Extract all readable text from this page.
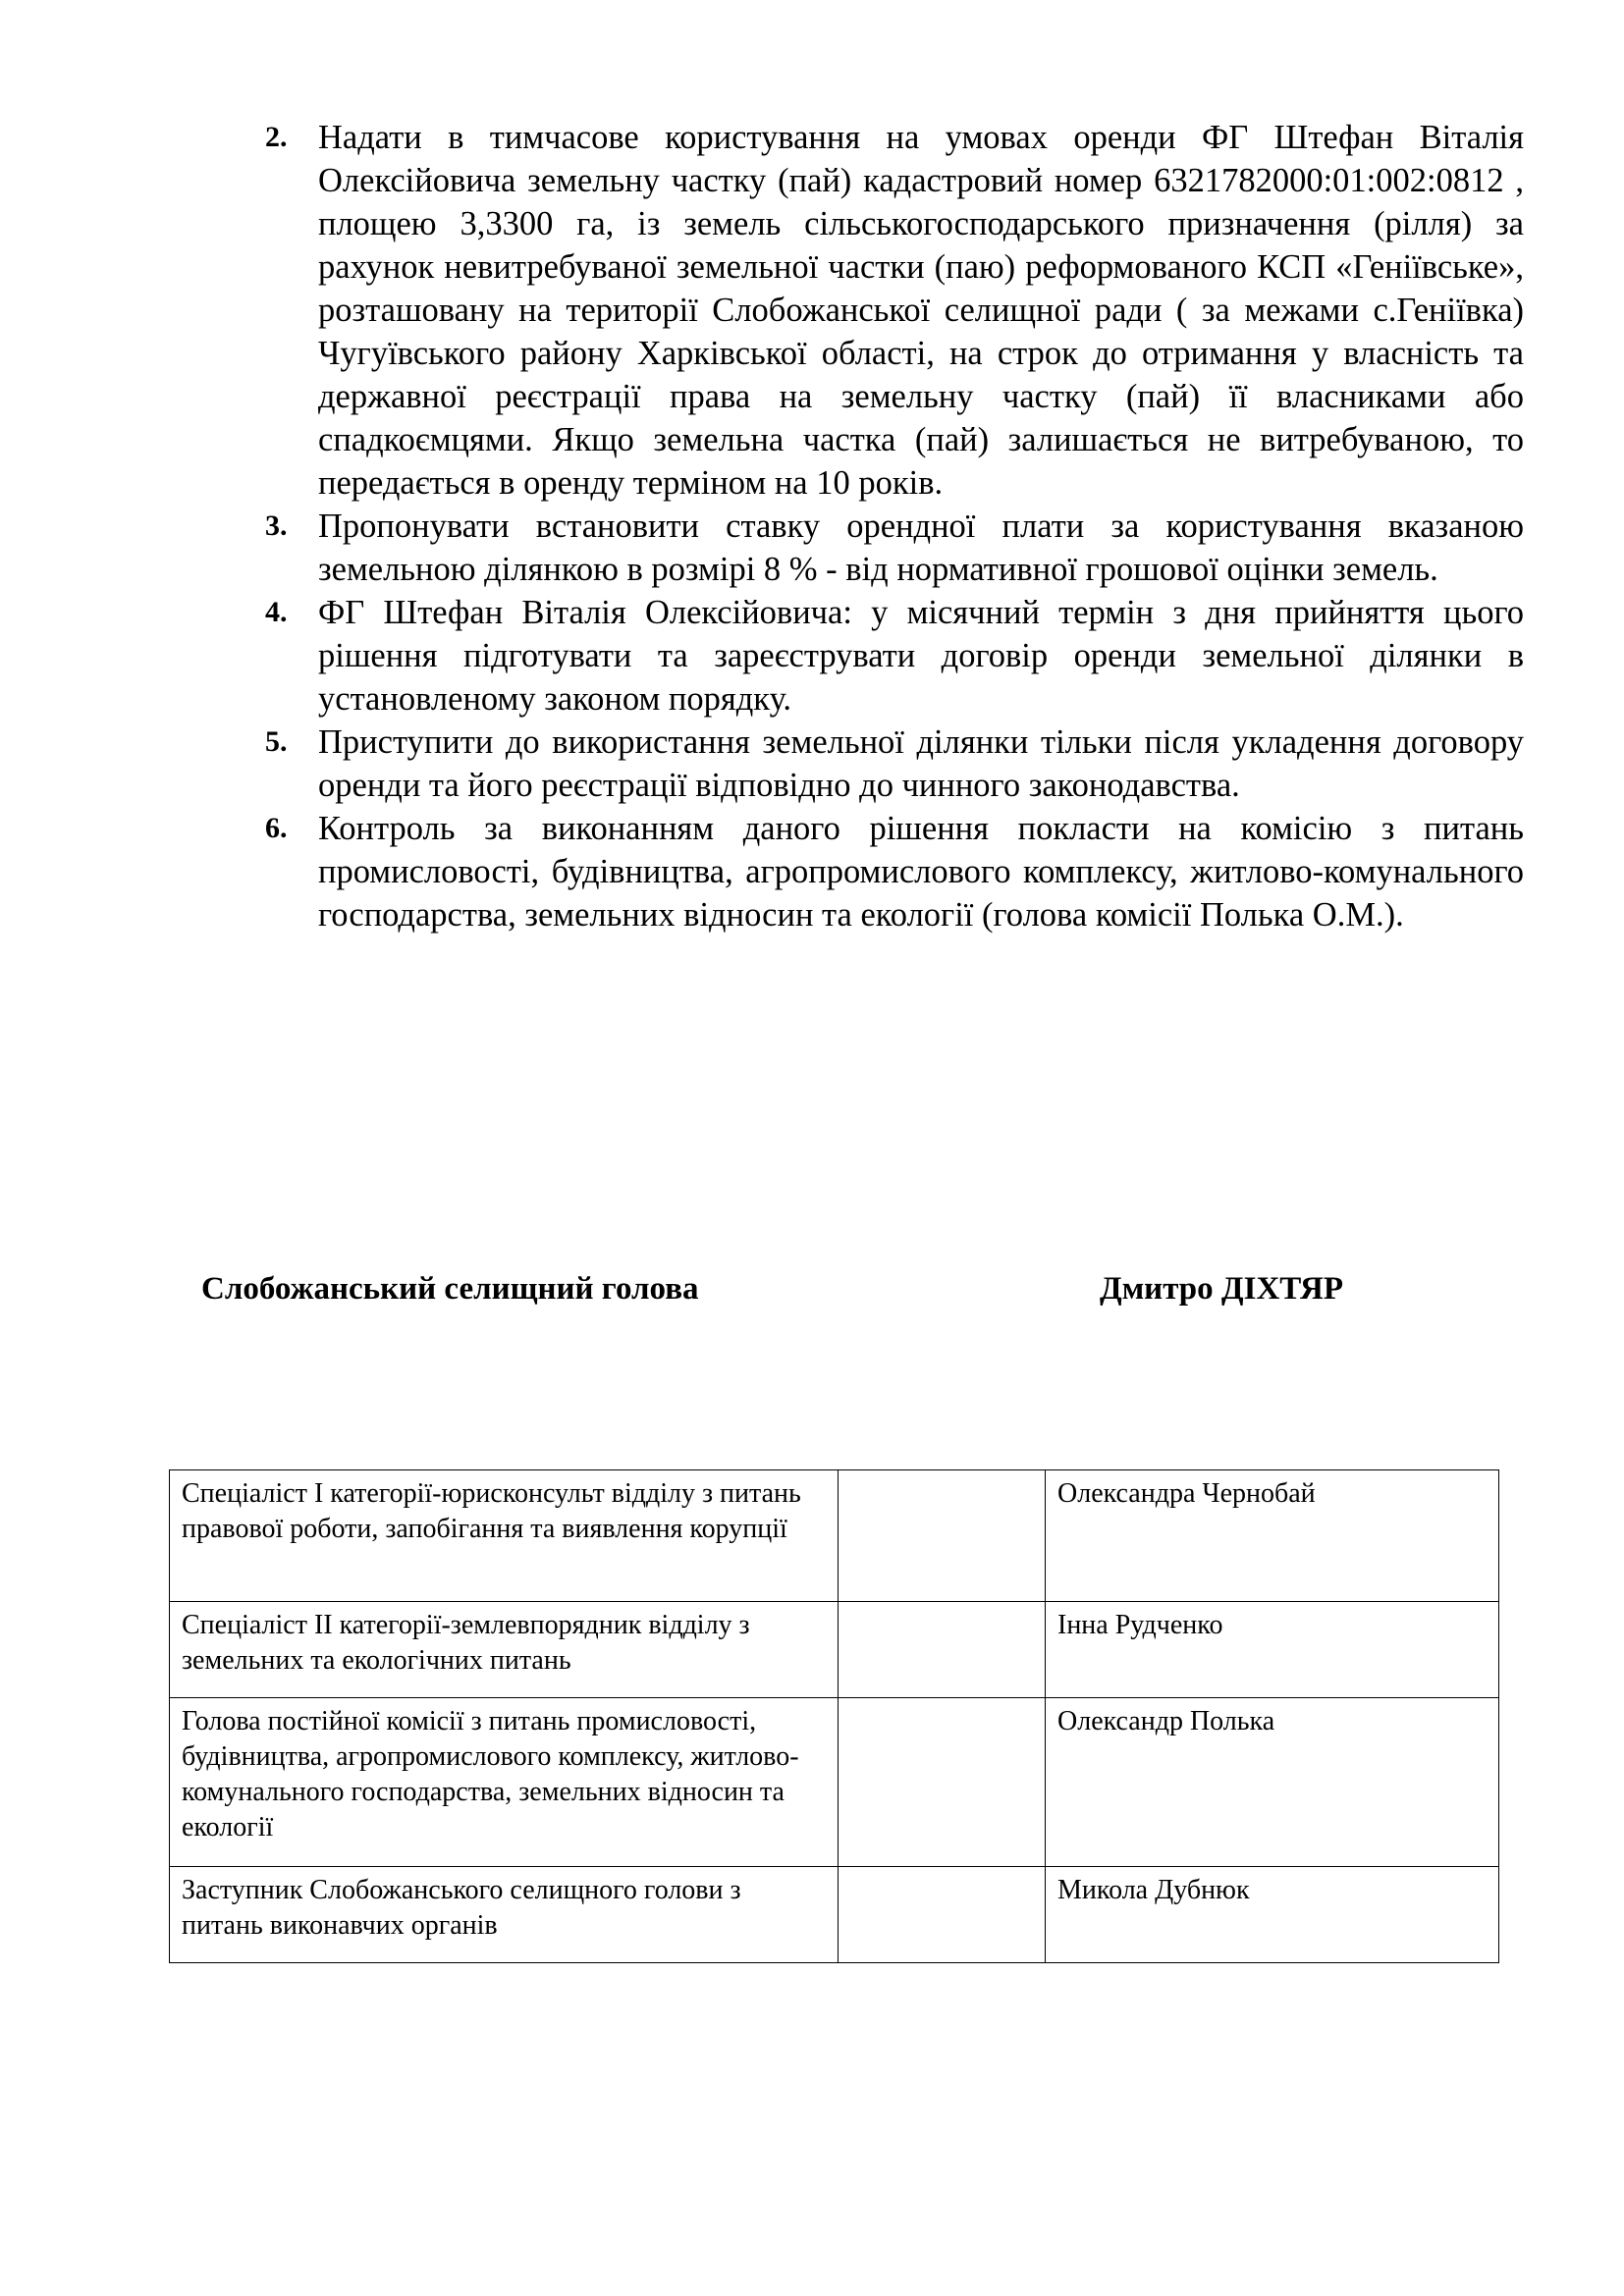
2. Надати в тимчасове користування на умовах оренди ФГ Штефан Віталія Олексійовича земельну частку (пай) кадастровий номер 6321782000:01:002:0812 , площею 3,3300 га, із земель сільськогосподарського призначення (рілля) за рахунок невитребуваної земельної частки (паю) реформованого КСП «Геніївське», розташовану на території Слобожанської селищної ради ( за межами с.Геніївка) Чугуївського району Харківської області, на строк до отримання у власність та державної реєстрації права на земельну частку (пай) її власниками або спадкоємцями. Якщо земельна частка (пай) залишається не витребуваною, то передається в оренду терміном на 10 років.
3. Пропонувати встановити ставку орендної плати за користування вказаною земельною ділянкою в розмірі 8 % - від нормативної грошової оцінки земель.
4. ФГ Штефан Віталія Олексійовича: у місячний термін з дня прийняття цього рішення підготувати та зареєструвати договір оренди земельної ділянки в установленому законом порядку.
5. Приступити до використання земельної ділянки тільки після укладення договору оренди та його реєстрації відповідно до чинного законодавства.
6. Контроль за виконанням даного рішення покласти на комісію з питань промисловості, будівництва, агропромислового комплексу, житлово-комунального господарства, земельних відносин та екології (голова комісії Полька О.М.).
Слобожанський селищний голова	Дмитро ДІХТЯР
Спеціаліст І категорії-юрисконсульт відділу з питань правової роботи, запобігання та виявлення корупції		Олександра Чернобай
Спеціаліст ІІ категорії-землевпорядник відділу з земельних та екологічних питань		Інна Рудченко
Голова постійної комісії з питань промисловості, будівництва, агропромислового комплексу, житлово-комунального господарства, земельних відносин та екології		Олександр Полька
Заступник Слобожанського селищного голови з питань виконавчих органів		Микола Дубнюк
